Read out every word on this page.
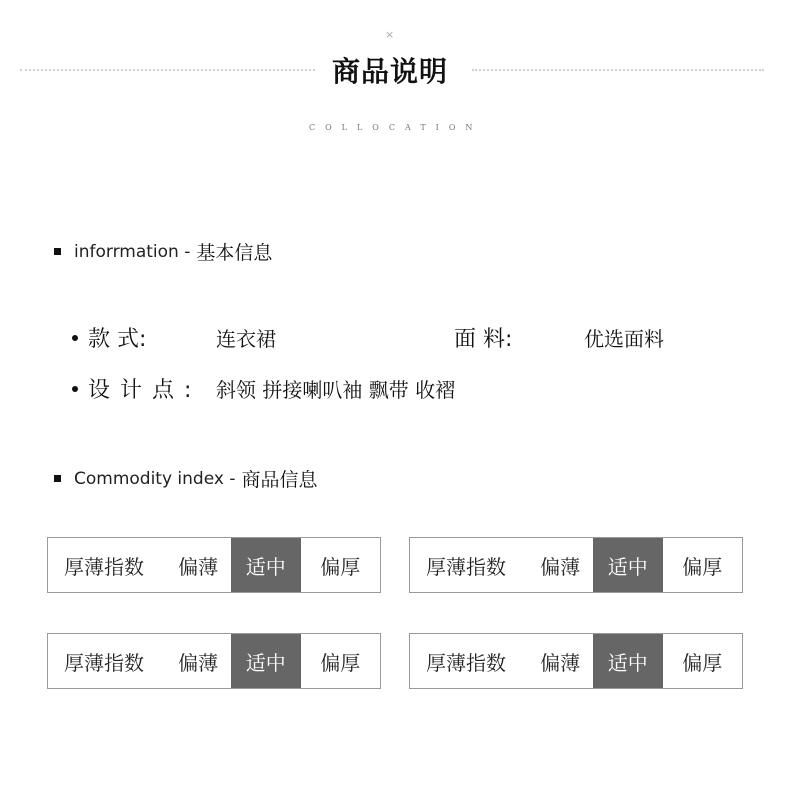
×
商品说明
COLLOCATION
inforrmation - 基本信息
款 式:	连衣裙	面 料:	优选面料
设计点: 斜领 拼接喇叭袖 飘带 收褶
Commodity index - 商品信息
厚薄指数	偏薄	适中	偏厚	厚薄指数	偏薄	适中	偏厚
厚薄指数	偏薄	适中	偏厚	厚薄指数	偏薄	适中	偏厚
